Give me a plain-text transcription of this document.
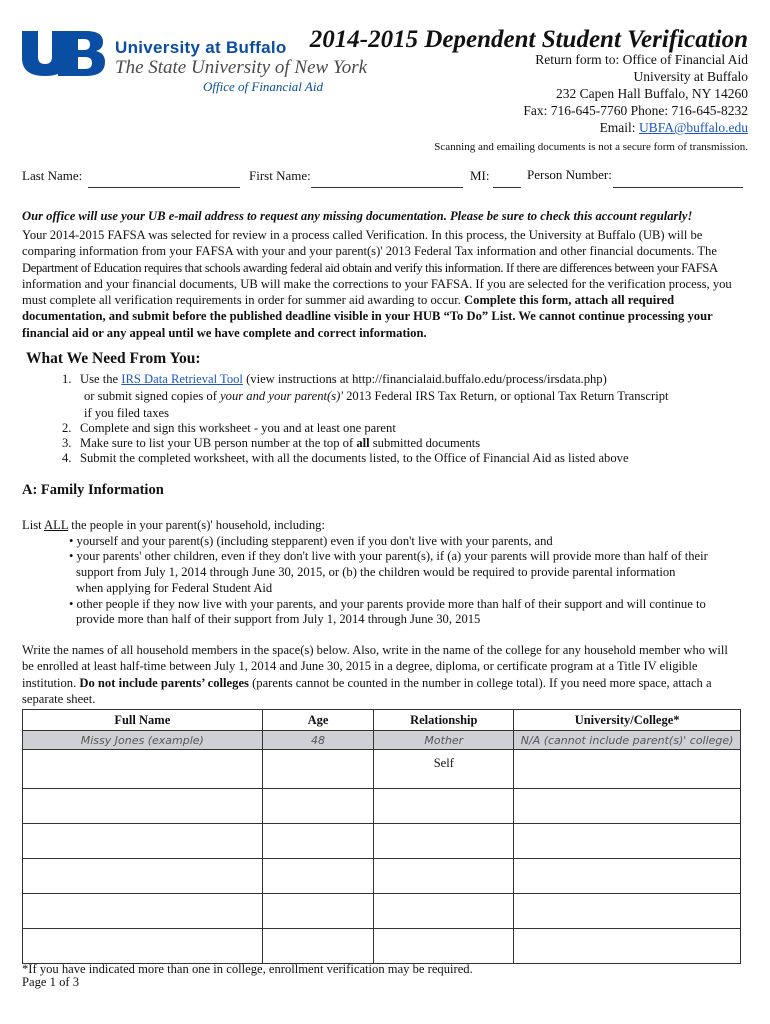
University at Buffalo
The State University of New York
Office of Financial Aid
2014-2015 Dependent Student Verification
Return form to: Office of Financial Aid
University at Buffalo
232 Capen Hall Buffalo, NY 14260
Fax: 716-645-7760 Phone: 716-645-8232
Email: UBFA@buffalo.edu
Scanning and emailing documents is not a secure form of transmission.
Last Name:	First Name:	MI:	Person Number:
Our office will use your UB e-mail address to request any missing documentation. Please be sure to check this account regularly!
Your 2014-2015 FAFSA was selected for review in a process called Verification. In this process, the University at Buffalo (UB) will be
comparing information from your FAFSA with your and your parent(s)' 2013 Federal Tax information and other financial documents. The
Department of Education requires that schools awarding federal aid obtain and verify this information. If there are differences between your FAFSA
information and your financial documents, UB will make the corrections to your FAFSA. If you are selected for the verification process, you
must complete all verification requirements in order for summer aid awarding to occur. Complete this form, attach all required
documentation, and submit before the published deadline visible in your HUB “To Do” List. We cannot continue processing your
financial aid or any appeal until we have complete and correct information.
What We Need From You:
1. Use the IRS Data Retrieval Tool (view instructions at http://financialaid.buffalo.edu/process/irsdata.php)
or submit signed copies of your and your parent(s)' 2013 Federal IRS Tax Return, or optional Tax Return Transcript
if you filed taxes
2. Complete and sign this worksheet - you and at least one parent
3. Make sure to list your UB person number at the top of all submitted documents
4. Submit the completed worksheet, with all the documents listed, to the Office of Financial Aid as listed above
A: Family Information
List ALL the people in your parent(s)' household, including:
• yourself and your parent(s) (including stepparent) even if you don't live with your parents, and
• your parents' other children, even if they don't live with your parent(s), if (a) your parents will provide more than half of their
support from July 1, 2014 through June 30, 2015, or (b) the children would be required to provide parental information
when applying for Federal Student Aid
• other people if they now live with your parents, and your parents provide more than half of their support and will continue to
provide more than half of their support from July 1, 2014 through June 30, 2015
Write the names of all household members in the space(s) below. Also, write in the name of the college for any household member who will
be enrolled at least half-time between July 1, 2014 and June 30, 2015 in a degree, diploma, or certificate program at a Title IV eligible
institution. Do not include parents’ colleges (parents cannot be counted in the number in college total). If you need more space, attach a
separate sheet.
Full Name	Age	Relationship	University/College*
Missy Jones (example)	48	Mother	N/A (cannot include parent(s)' college)
		Self	

*If you have indicated more than one in college, enrollment verification may be required.
Page 1 of 3
